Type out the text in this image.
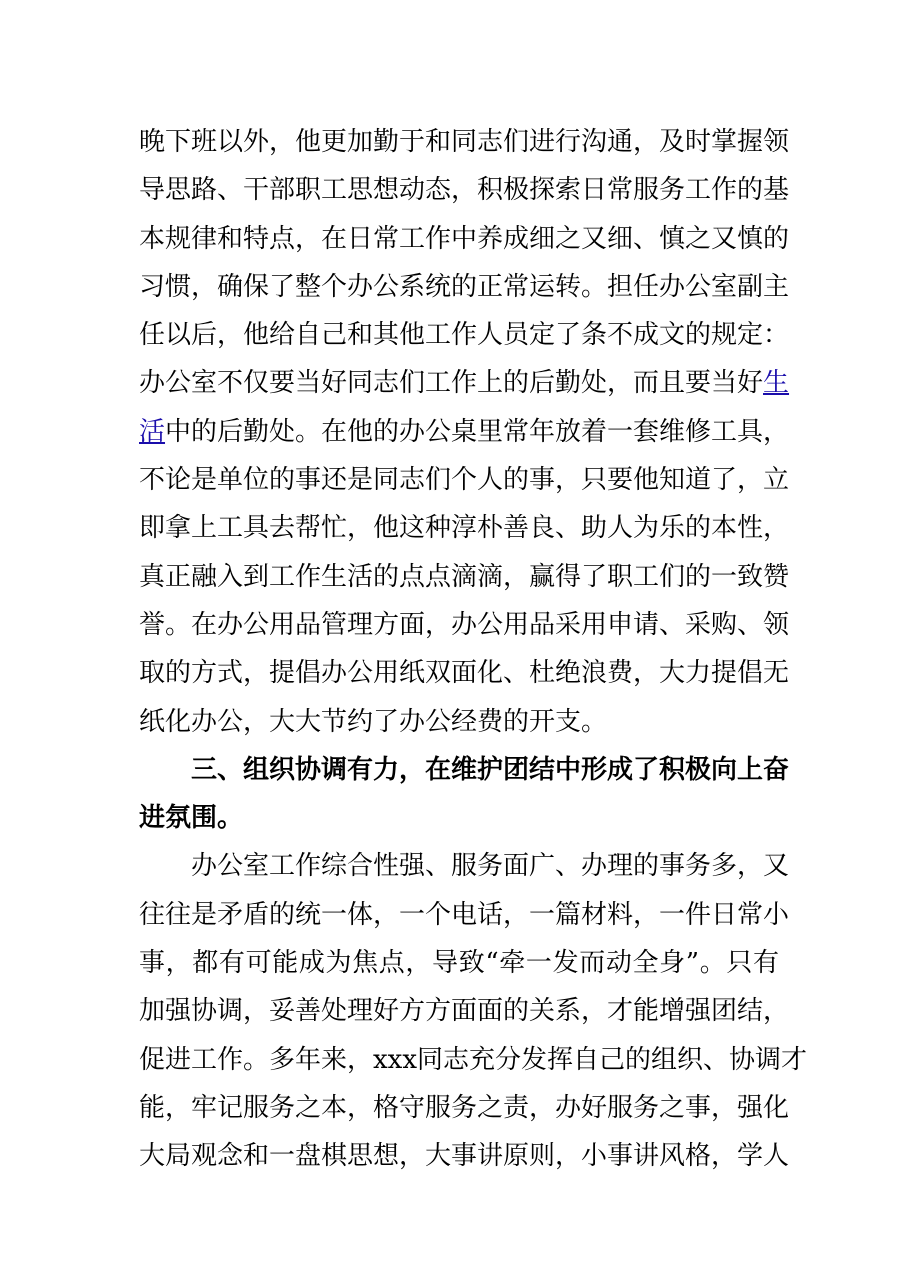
晚下班以外，他更加勤于和同志们进行沟通，及时掌握领
导思路、干部职工思想动态，积极探索日常服务工作的基
本规律和特点，在日常工作中养成细之又细、慎之又慎的
习惯，确保了整个办公系统的正常运转。担任办公室副主
任以后，他给自己和其他工作人员定了条不成文的规定：
办公室不仅要当好同志们工作上的后勤处，而且要当好生
活中的后勤处。在他的办公桌里常年放着一套维修工具，
不论是单位的事还是同志们个人的事，只要他知道了，立
即拿上工具去帮忙，他这种淳朴善良、助人为乐的本性，
真正融入到工作生活的点点滴滴，赢得了职工们的一致赞
誉。在办公用品管理方面，办公用品采用申请、采购、领
取的方式，提倡办公用纸双面化、杜绝浪费，大力提倡无
纸化办公，大大节约了办公经费的开支。
三、组织协调有力，在维护团结中形成了积极向上奋
进氛围。
办公室工作综合性强、服务面广、办理的事务多，又
往往是矛盾的统一体，一个电话，一篇材料，一件日常小
事，都有可能成为焦点，导致“牵一发而动全身”。只有
加强协调，妥善处理好方方面面的关系，才能增强团结，
促进工作。多年来，xxx同志充分发挥自己的组织、协调才
能，牢记服务之本，格守服务之责，办好服务之事，强化
大局观念和一盘棋思想，大事讲原则，小事讲风格，学人
